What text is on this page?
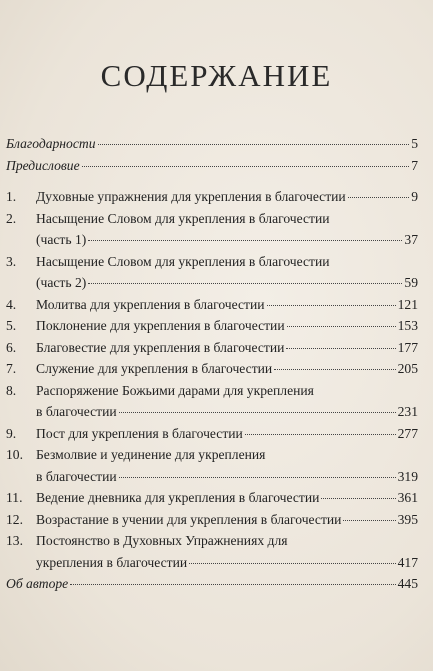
СОДЕРЖАНИЕ
Благодарности	5
Предисловие	7
1.	Духовные упражнения для укрепления в благочестии	9
2.	Насыщение Словом для укрепления в благочестии
(часть 1)	37
3.	Насыщение Словом для укрепления в благочестии
(часть 2)	59
4.	Молитва для укрепления в благочестии	121
5.	Поклонение для укрепления в благочестии	153
6.	Благовестие для укрепления в благочестии	177
7.	Служение для укрепления в благочестии	205
8.	Распоряжение Божьими дарами для укрепления
в благочестии	231
9.	Пост для укрепления в благочестии	277
10. Безмолвие и уединение для укрепления
в благочестии	319
11. Ведение дневника для укрепления в благочестии	361
12. Возрастание в учении для укрепления в благочестии	395
13. Постоянство в Духовных Упражнениях для
укрепления в благочестии	417
Об авторе	445
